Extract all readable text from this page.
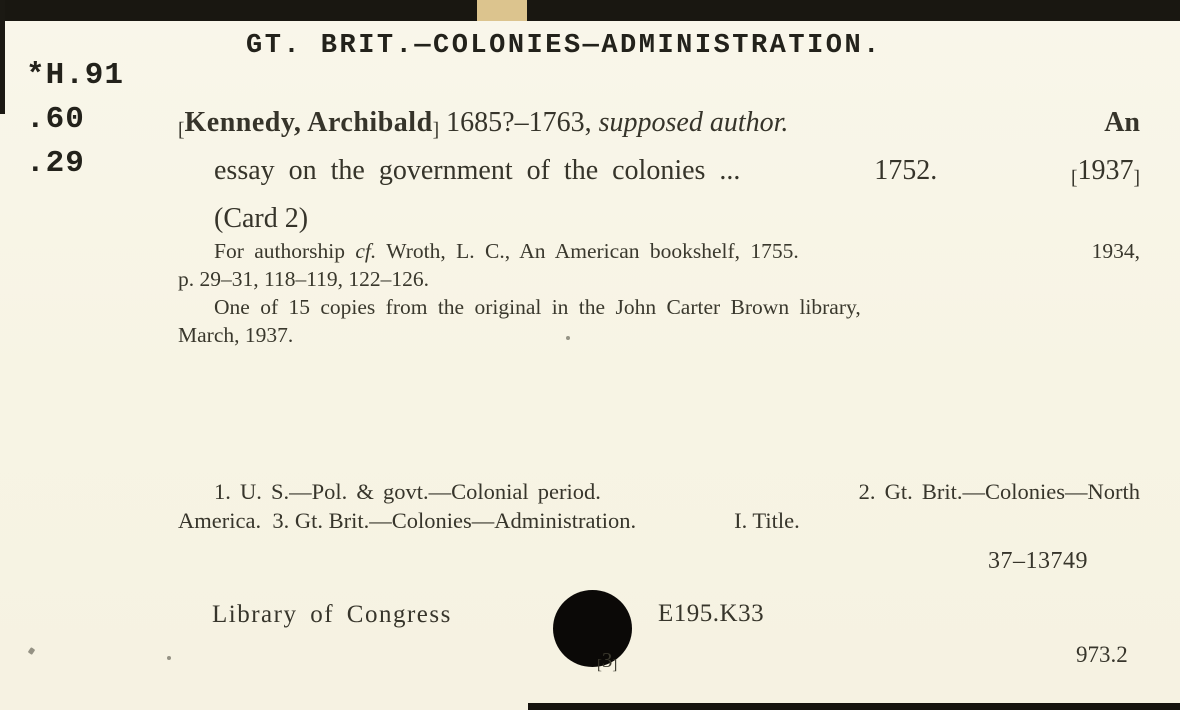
GT. BRIT.—COLONIES—ADMINISTRATION.
*H.91
.60
.29
[Kennedy, Archibald] 1685?–1763, supposed author.	An
essay on the government of the colonies ...	1752.	[1937]
(Card 2)
For authorship cf. Wroth, L. C., An American bookshelf, 1755.	1934,
p. 29–31, 118–119, 122–126.
One of 15 copies from the original in the John Carter Brown library,
March, 1937.
1. U. S.—Pol. & govt.—Colonial period.	2. Gt. Brit.—Colonies—North
America.  3. Gt. Brit.—Colonies—Administration.	I. Title.
37–13749
Library of Congress	E195.K33
[3]	973.2
